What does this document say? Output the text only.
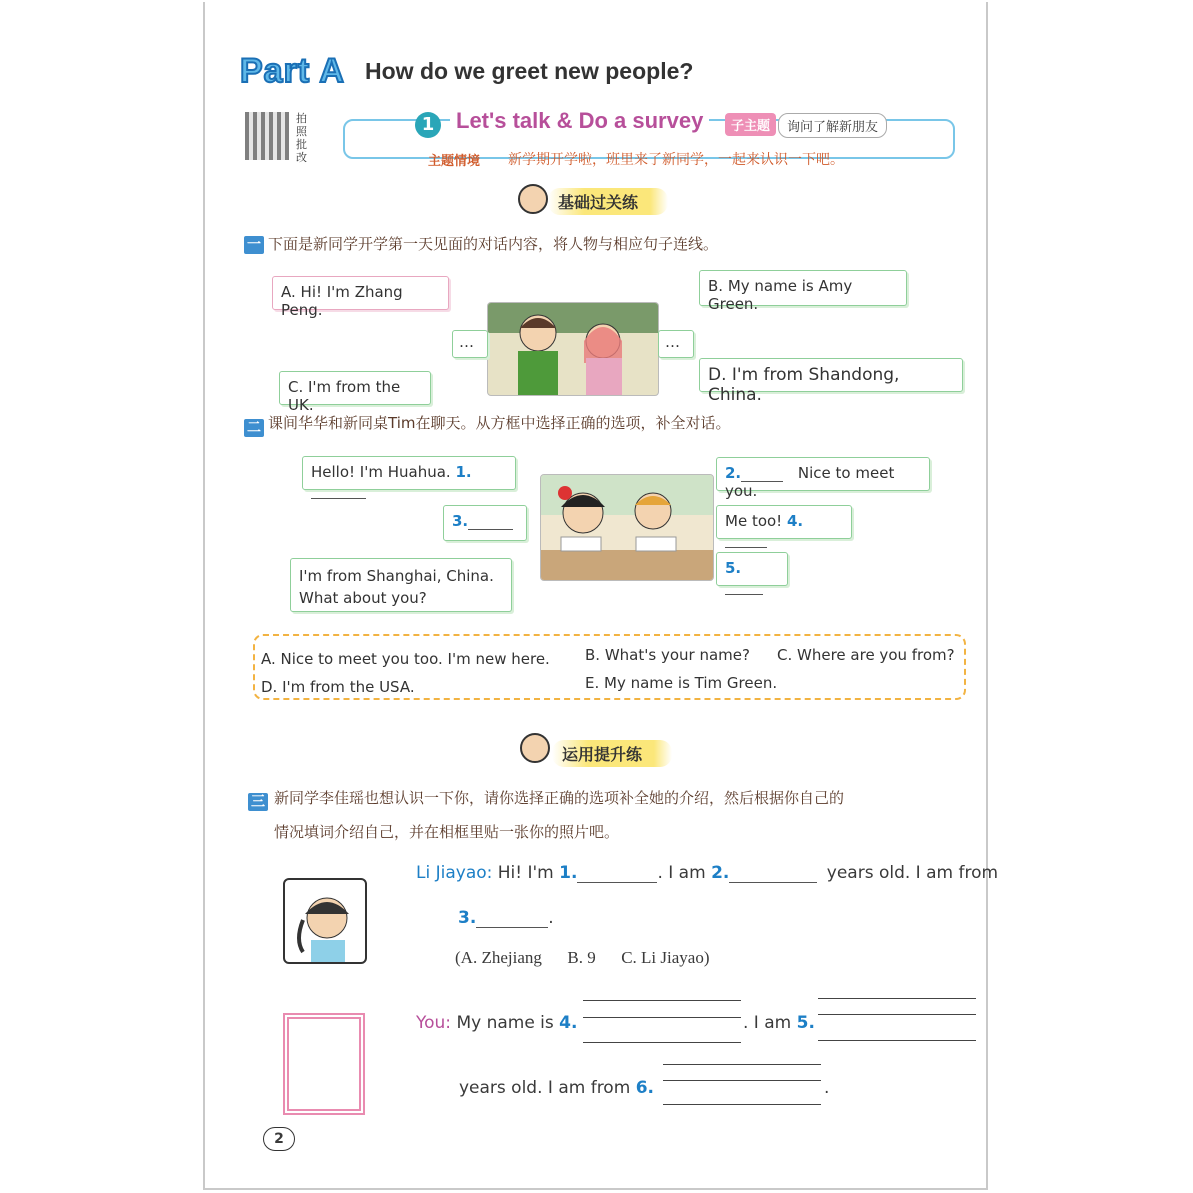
Part A How do we greet new people?
拍照批改
1 Let's talk & Do a survey	子主题	询问了解新朋友
主题情境 新学期开学啦，班里来了新同学，一起来认识一下吧。
基础过关练
一 下面是新同学开学第一天见面的对话内容，将人物与相应句子连线。
A. Hi! I'm Zhang Peng.
B. My name is Amy Green.
C. I'm from the UK.
D. I'm from Shandong, China.
…	…
二 课间华华和新同桌Tim在聊天。从方框中选择正确的选项，补全对话。
Hello! I'm Huahua. 1.	2.	Nice to meet you.
3.	Me too! 4.
5.
I'm from Shanghai, China.
What about you?
A. Nice to meet you too. I'm new here. B. What's your name? C. Where are you from?
D. I'm from the USA.	E. My name is Tim Green.
运用提升练
三 新同学李佳瑶也想认识一下你，请你选择正确的选项补全她的介绍，然后根据你自己的
情况填词介绍自己，并在相框里贴一张你的照片吧。
Li Jiayao: Hi! I'm 1.	. I am 2.	years old. I am from
3.	.
(A. Zhejiang      B. 9      C. Li Jiayao)
You: My name is 4.	. I am 5.
years old. I am from 6.	.
2
